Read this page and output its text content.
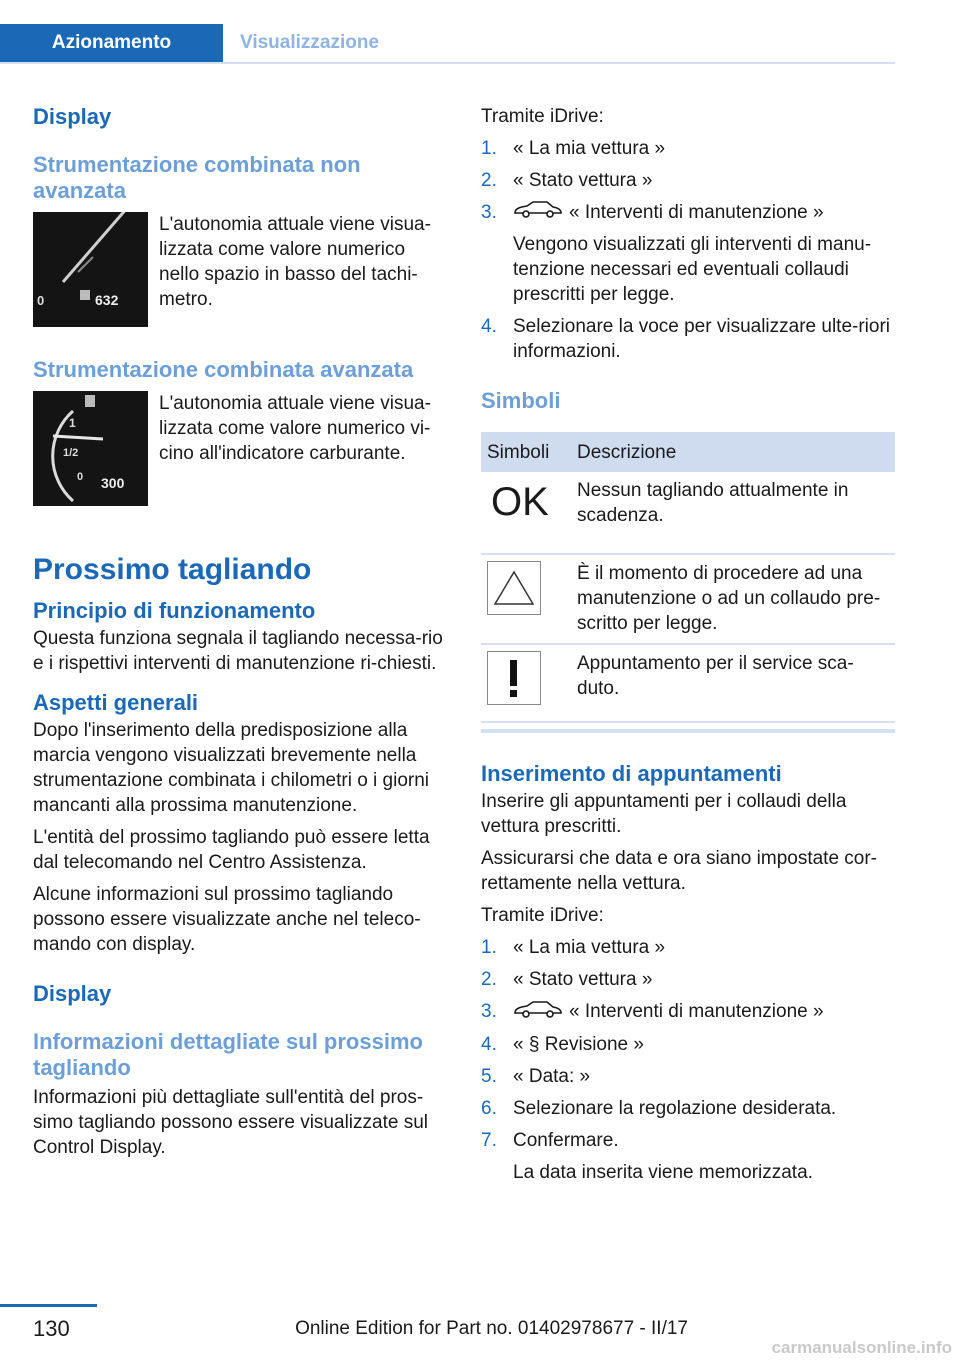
Azionamento	Visualizzazione
Display
Strumentazione combinata non avanzata
0	632

L'autonomia attuale viene visua-lizzata come valore numerico nello spazio in basso del tachi-metro.

Strumentazione combinata avanzata
1
1/2
0 300

L'autonomia attuale viene visua-lizzata come valore numerico vi-cino all'indicatore carburante.

Prossimo tagliando
Principio di funzionamento

Questa funziona segnala il tagliando necessa-rio e i rispettivi interventi di manutenzione ri-chiesti.

Aspetti generali

Dopo l'inserimento della predisposizione alla marcia vengono visualizzati brevemente nella strumentazione combinata i chilometri o i giorni mancanti alla prossima manutenzione.

L'entità del prossimo tagliando può essere letta dal telecomando nel Centro Assistenza.

Alcune informazioni sul prossimo tagliando possono essere visualizzate anche nel teleco-mando con display.

Display
Informazioni dettagliate sul prossimo tagliando

Informazioni più dettagliate sull'entità del pros-simo tagliando possono essere visualizzate sul Control Display.

Tramite iDrive:

1. « La mia vettura »
2. « Stato vettura »
3.	« Interventi di manutenzione »

Vengono visualizzati gli interventi di manu-tenzione necessari ed eventuali collaudi prescritti per legge.

4. Selezionare la voce per visualizzare ulte-riori informazioni.
Simboli
Simboli	Descrizione

OK	Nessun tagliando attualmente in scadenza.

	È il momento di procedere ad una manutenzione o ad un collaudo pre-scritto per legge.

	Appuntamento per il service sca-duto.
Inserimento di appuntamenti

Inserire gli appuntamenti per i collaudi della vettura prescritti.

Assicurarsi che data e ora siano impostate cor-rettamente nella vettura.

Tramite iDrive:

1. « La mia vettura »
2. « Stato vettura »
3.	« Interventi di manutenzione »
4. « § Revisione »
5. « Data: »
6. Selezionare la regolazione desiderata.
7. Confermare.

La data inserita viene memorizzata.

130	Online Edition for Part no. 01402978677 - II/17
carmanualsonline.info
